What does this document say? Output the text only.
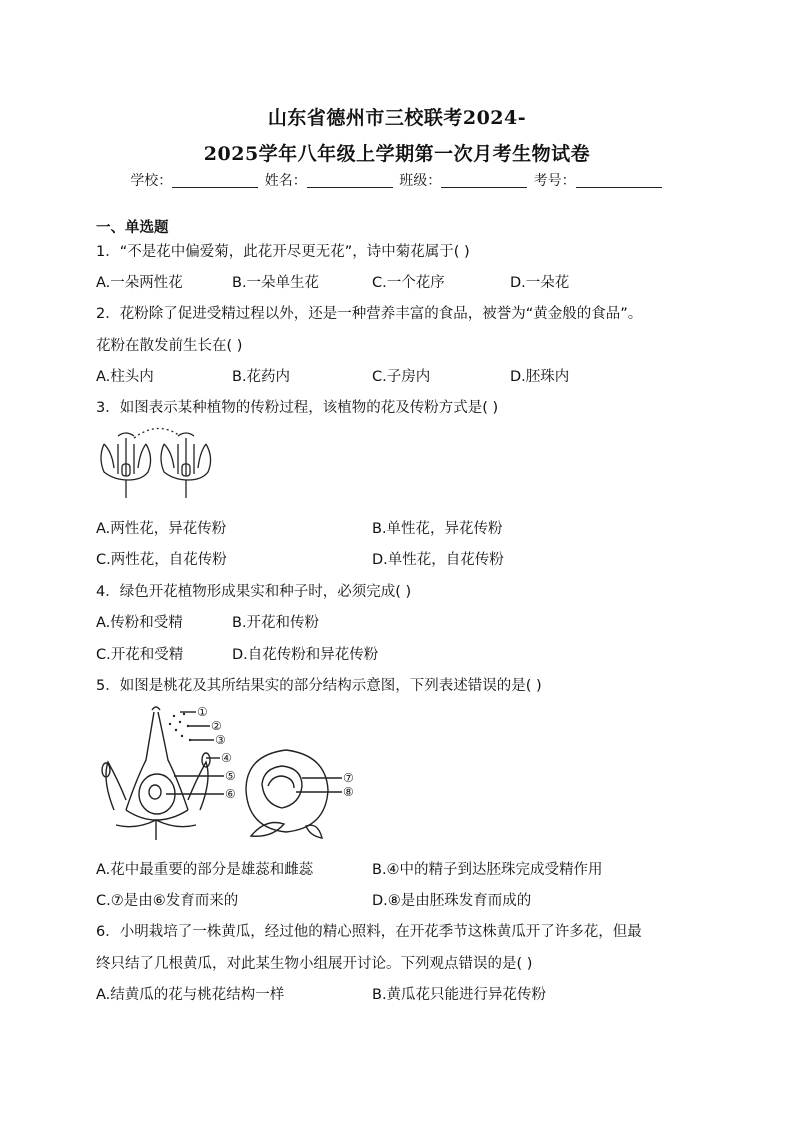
山东省德州市三校联考2024-
2025学年八年级上学期第一次月考生物试卷
学校：	姓名：	班级：	考号：
一、单选题
1．“不是花中偏爱菊，此花开尽更无花”，诗中菊花属于( )
A.一朵两性花	B.一朵单生花	C.一个花序	D.一朵花
2．花粉除了促进受精过程以外，还是一种营养丰富的食品，被誉为“黄金般的食品”。
花粉在散发前生长在( )
A.柱头内	B.花药内	C.子房内	D.胚珠内
3．如图表示某种植物的传粉过程，该植物的花及传粉方式是( )
A.两性花，异花传粉	B.单性花，异花传粉
C.两性花，自花传粉	D.单性花，自花传粉
4．绿色开花植物形成果实和种子时，必须完成( )
A.传粉和受精	B.开花和传粉
C.开花和受精	D.自花传粉和异花传粉
5．如图是桃花及其所结果实的部分结构示意图，下列表述错误的是( )
①
②
③
④
⑤
⑥
⑦
⑧
A.花中最重要的部分是雄蕊和雌蕊	B.④中的精子到达胚珠完成受精作用
C.⑦是由⑥发育而来的	D.⑧是由胚珠发育而成的
6．小明栽培了一株黄瓜，经过他的精心照料，在开花季节这株黄瓜开了许多花，但最
终只结了几根黄瓜，对此某生物小组展开讨论。下列观点错误的是( )
A.结黄瓜的花与桃花结构一样	B.黄瓜花只能进行异花传粉
